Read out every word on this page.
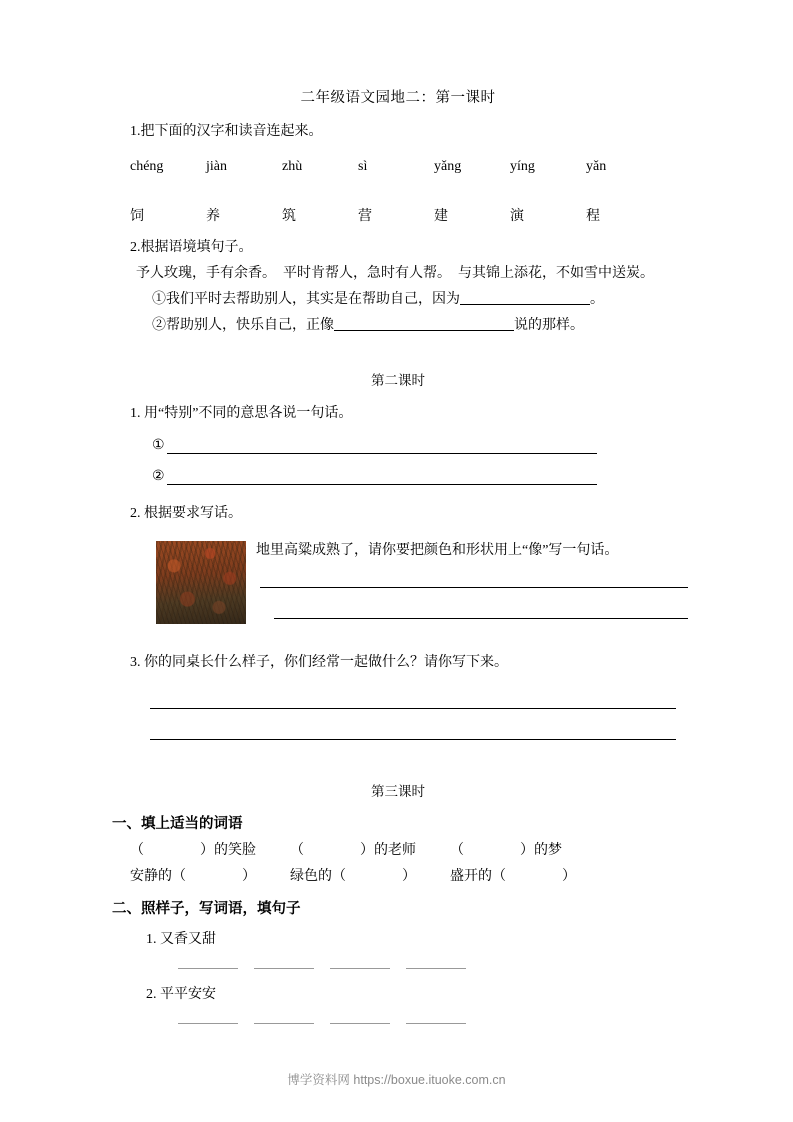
二年级语文园地二：第一课时

1.把下面的汉字和读音连起来。

chéng	jiàn	zhù	sì	yǎng	yíng	yǎn
饲	养	筑	营	建	演	程

2.根据语境填句子。

予人玫瑰，手有余香。　平时肯帮人，急时有人帮。　与其锦上添花，不如雪中送炭。

①我们平时去帮助别人，其实是在帮助自己，因为	。

②帮助别人，快乐自己，正像	说的那样。

第二课时

1. 用“特别”不同的意思各说一句话。

①
②

2. 根据要求写话。

地里高粱成熟了，请你要把颜色和形状用上“像”写一句话。

3. 你的同桌长什么样子，你们经常一起做什么？请你写下来。

第三课时

一、填上适当的词语

（　　　　）的笑脸	（　　　　）的老师	（　　　　）的梦
安静的（　　　　）	绿色的（　　　　）	盛开的（　　　　）

二、照样子，写词语，填句子

1. 又香又甜

2. 平平安安

博学资料网 https://boxue.ituoke.com.cn
